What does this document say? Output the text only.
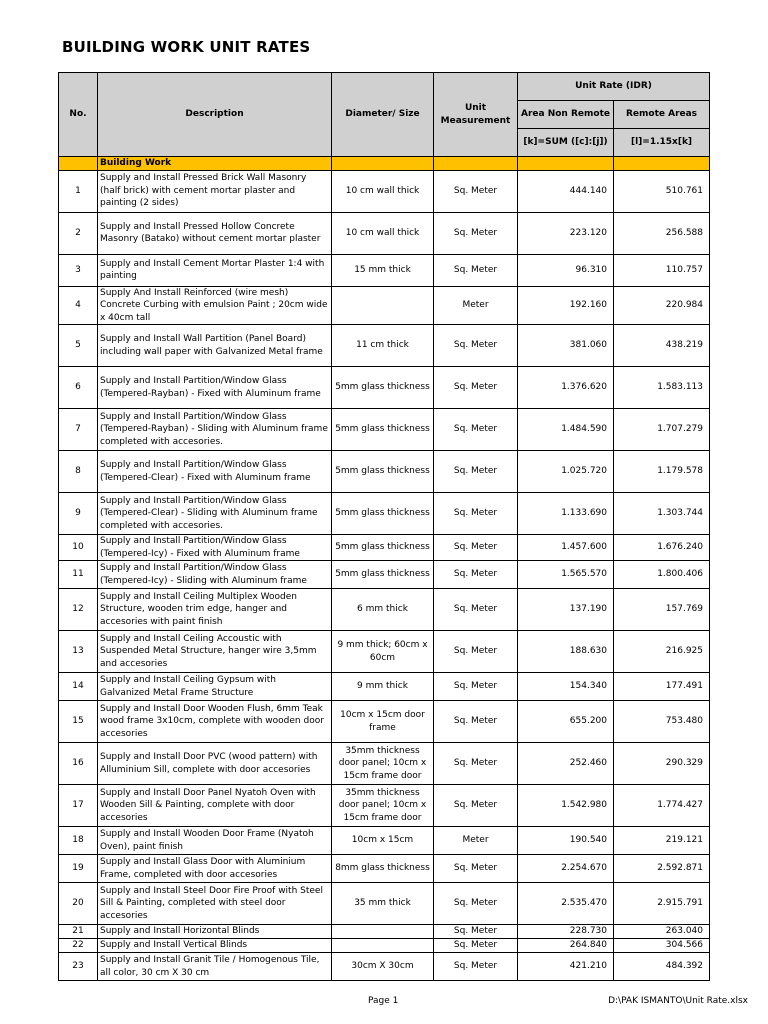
BUILDING WORK UNIT RATES
No.	Description	Diameter/ Size	Unit Measurement	Unit Rate (IDR)	
				Area Non Remote	Remote Areas
				[k]=SUM ([c]:[j])	[l]=1.15x[k]
	Building Work				
1	Supply and Install Pressed Brick Wall Masonry (half brick) with cement mortar plaster and painting (2 sides)	10 cm wall thick	Sq. Meter	444.140	510.761
2	Supply and Install Pressed Hollow Concrete Masonry (Batako) without cement mortar plaster	10 cm wall thick	Sq. Meter	223.120	256.588
3	Supply and Install Cement Mortar Plaster 1:4 with painting	15 mm thick	Sq. Meter	96.310	110.757
4	Supply And Install Reinforced (wire mesh) Concrete Curbing with emulsion Paint ; 20cm wide x 40cm tall		Meter	192.160	220.984
5	Supply and Install Wall Partition (Panel Board) including wall paper with Galvanized Metal frame	11 cm thick	Sq. Meter	381.060	438.219
6	Supply and Install Partition/Window Glass (Tempered-Rayban) - Fixed with Aluminum frame	5mm glass thickness	Sq. Meter	1.376.620	1.583.113
7	Supply and Install Partition/Window Glass (Tempered-Rayban) - Sliding with Aluminum frame completed with accesories.	5mm glass thickness	Sq. Meter	1.484.590	1.707.279
8	Supply and Install Partition/Window Glass (Tempered-Clear) - Fixed with Aluminum frame	5mm glass thickness	Sq. Meter	1.025.720	1.179.578
9	Supply and Install Partition/Window Glass (Tempered-Clear) - Sliding with Aluminum frame completed with accesories.	5mm glass thickness	Sq. Meter	1.133.690	1.303.744
10	Supply and Install Partition/Window Glass (Tempered-Icy) - Fixed with Aluminum frame	5mm glass thickness	Sq. Meter	1.457.600	1.676.240
11	Supply and Install Partition/Window Glass (Tempered-Icy) - Sliding with Aluminum frame	5mm glass thickness	Sq. Meter	1.565.570	1.800.406
12	Supply and Install Ceiling Multiplex Wooden Structure, wooden trim edge, hanger and accesories with paint finish	6 mm thick	Sq. Meter	137.190	157.769
13	Supply and Install Ceiling Accoustic with Suspended Metal Structure, hanger wire 3,5mm and accesories	9 mm thick; 60cm x 60cm	Sq. Meter	188.630	216.925
14	Supply and Install Ceiling Gypsum with Galvanized Metal Frame Structure	9 mm thick	Sq. Meter	154.340	177.491
15	Supply and Install Door Wooden Flush, 6mm Teak wood frame 3x10cm, complete with wooden door accesories	10cm x 15cm door frame	Sq. Meter	655.200	753.480
16	Supply and Install Door PVC (wood pattern) with Alluminium Sill, complete with door accesories	35mm thickness door panel; 10cm x 15cm frame door	Sq. Meter	252.460	290.329
17	Supply and Install Door Panel Nyatoh Oven with Wooden Sill & Painting, complete with door accesories	35mm thickness door panel; 10cm x 15cm frame door	Sq. Meter	1.542.980	1.774.427
18	Supply and Install Wooden Door Frame (Nyatoh Oven), paint finish	10cm x 15cm	Meter	190.540	219.121
19	Supply and Install Glass Door with Aluminium Frame, completed with door accesories	8mm glass thickness	Sq. Meter	2.254.670	2.592.871
20	Supply and Install Steel Door Fire Proof with Steel Sill & Painting, completed with steel door accesories	35 mm thick	Sq. Meter	2.535.470	2.915.791
21	Supply and Install Horizontal Blinds		Sq. Meter	228.730	263.040
22	Supply and Install Vertical Blinds		Sq. Meter	264.840	304.566
23	Supply and Install Granit Tile / Homogenous Tile, all color, 30 cm X 30 cm	30cm X 30cm	Sq. Meter	421.210	484.392
Page 1	D:\PAK ISMANTO\Unit Rate.xlsx
